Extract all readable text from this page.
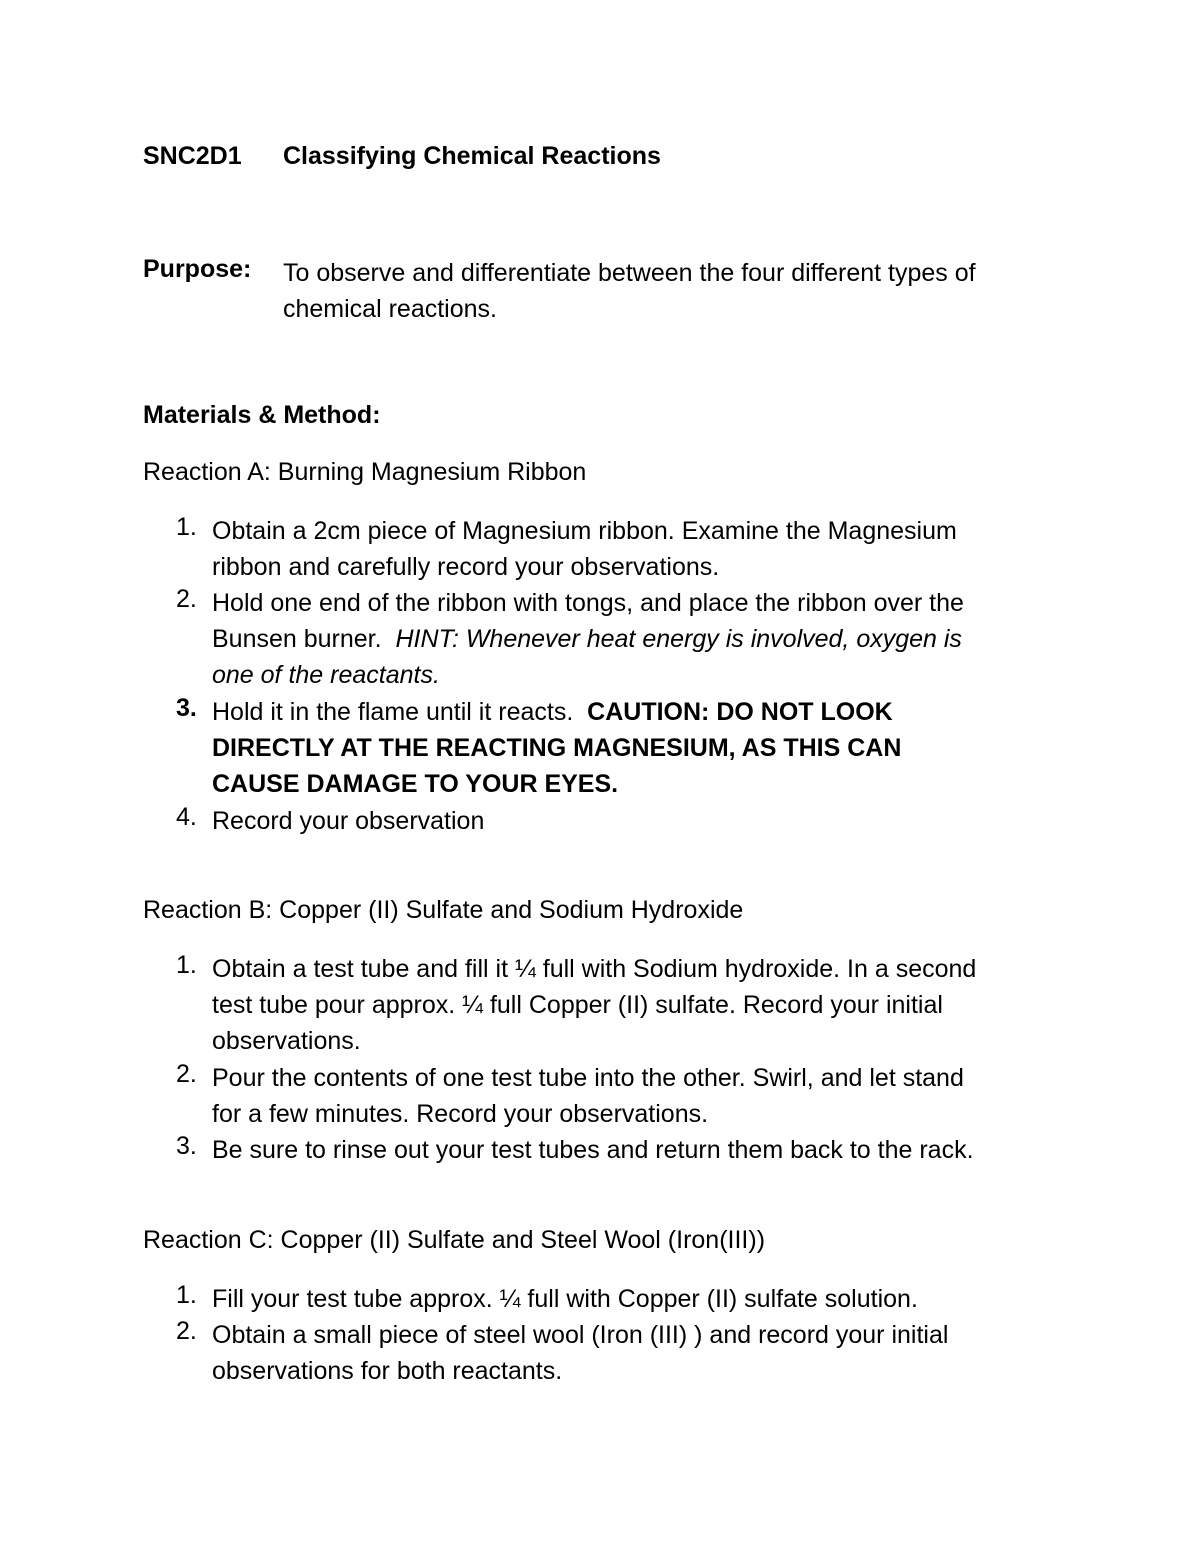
SNC2D1 Classifying Chemical Reactions
Purpose: To observe and differentiate between the four different types of
chemical reactions.
Materials & Method:
Reaction A: Burning Magnesium Ribbon
1. Obtain a 2cm piece of Magnesium ribbon. Examine the Magnesium
ribbon and carefully record your observations.
2. Hold one end of the ribbon with tongs, and place the ribbon over the
Bunsen burner.  HINT: Whenever heat energy is involved, oxygen is
one of the reactants.
3. Hold it in the flame until it reacts.  CAUTION: DO NOT LOOK
DIRECTLY AT THE REACTING MAGNESIUM, AS THIS CAN
CAUSE DAMAGE TO YOUR EYES.
4. Record your observation
Reaction B: Copper (II) Sulfate and Sodium Hydroxide
1. Obtain a test tube and fill it ¼ full with Sodium hydroxide. In a second
test tube pour approx. ¼ full Copper (II) sulfate. Record your initial
observations.
2. Pour the contents of one test tube into the other. Swirl, and let stand
for a few minutes. Record your observations.
3. Be sure to rinse out your test tubes and return them back to the rack.
Reaction C: Copper (II) Sulfate and Steel Wool (Iron(III))
1. Fill your test tube approx. ¼ full with Copper (II) sulfate solution.
2. Obtain a small piece of steel wool (Iron (III) ) and record your initial
observations for both reactants.
